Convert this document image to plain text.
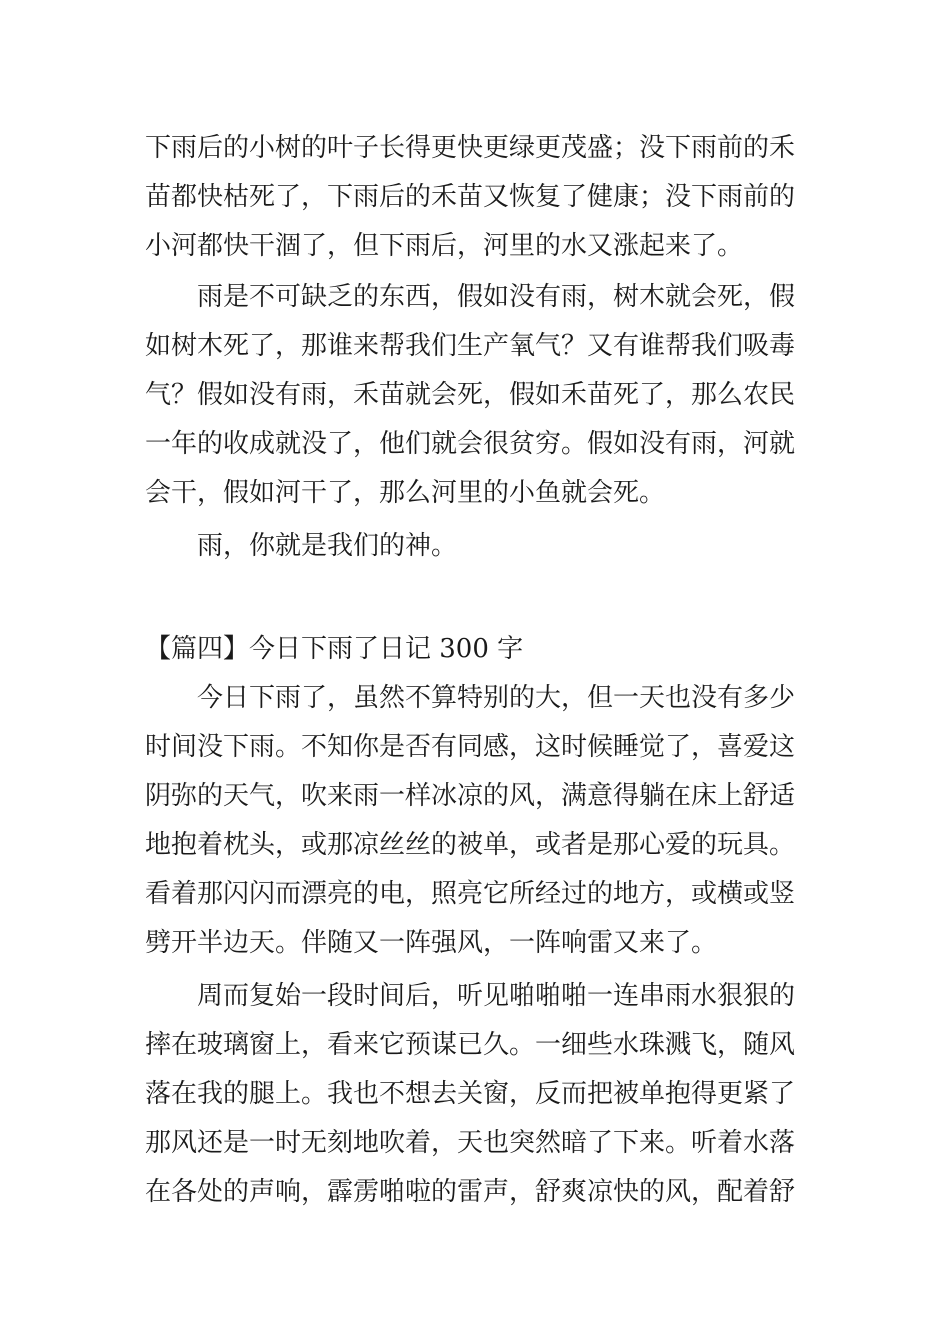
下雨后的小树的叶子长得更快更绿更茂盛；没下雨前的禾
苗都快枯死了，下雨后的禾苗又恢复了健康；没下雨前的
小河都快干涸了，但下雨后，河里的水又涨起来了。
雨是不可缺乏的东西，假如没有雨，树木就会死，假
如树木死了，那谁来帮我们生产氧气？又有谁帮我们吸毒
气？假如没有雨，禾苗就会死，假如禾苗死了，那么农民
一年的收成就没了，他们就会很贫穷。假如没有雨，河就
会干，假如河干了，那么河里的小鱼就会死。
雨，你就是我们的神。
【篇四】今日下雨了日记 300 字
今日下雨了，虽然不算特别的大，但一天也没有多少
时间没下雨。不知你是否有同感，这时候睡觉了，喜爱这
阴弥的天气，吹来雨一样冰凉的风，满意得躺在床上舒适
地抱着枕头，或那凉丝丝的被单，或者是那心爱的玩具。
看着那闪闪而漂亮的电，照亮它所经过的地方，或横或竖
劈开半边天。伴随又一阵强风，一阵响雷又来了。
周而复始一段时间后，听见啪啪啪一连串雨水狠狠的
摔在玻璃窗上，看来它预谋已久。一细些水珠溅飞，随风
落在我的腿上。我也不想去关窗，反而把被单抱得更紧了
那风还是一时无刻地吹着，天也突然暗了下来。听着水落
在各处的声响，霹雳啪啦的雷声，舒爽凉快的风，配着舒
